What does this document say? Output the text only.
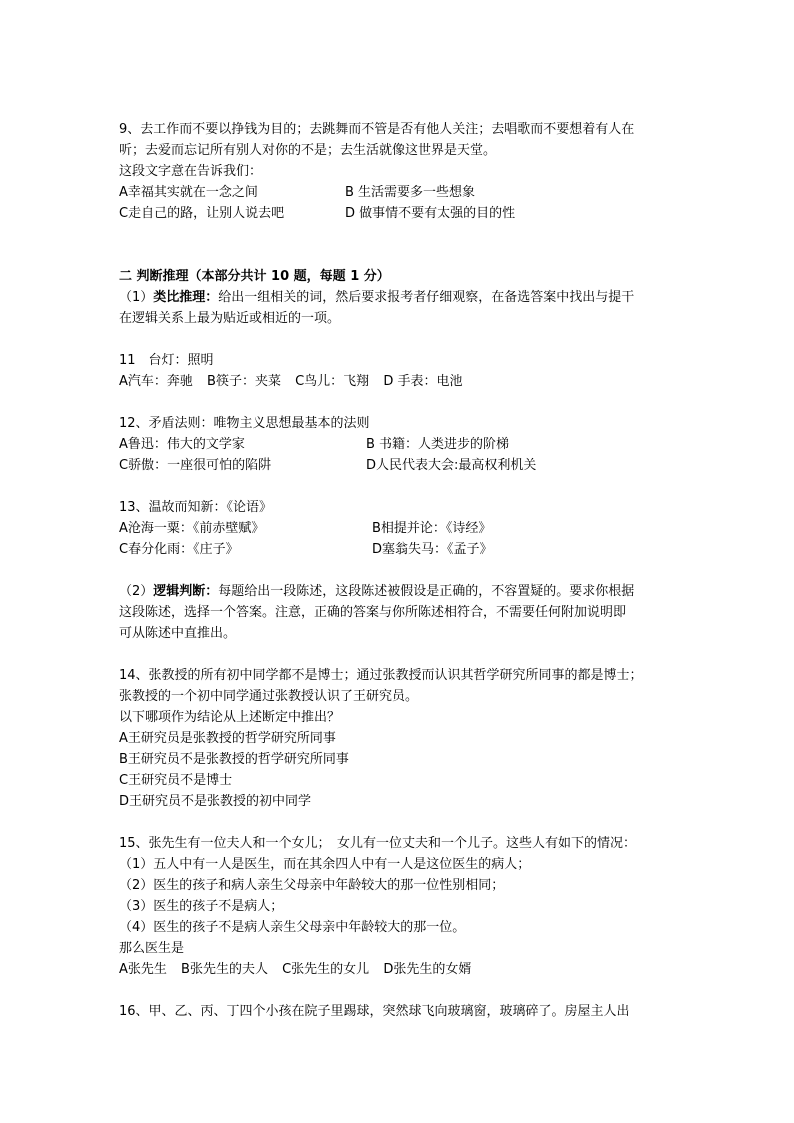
9、去工作而不要以挣钱为目的；去跳舞而不管是否有他人关注；去唱歌而不要想着有人在
听；去爱而忘记所有别人对你的不是；去生活就像这世界是天堂。
这段文字意在告诉我们：
A幸福其实就在一念之间	B 生活需要多一些想象
C走自己的路，让别人说去吧	D 做事情不要有太强的目的性
二 判断推理（本部分共计 10 题，每题 1 分）
（1）类比推理：给出一组相关的词，然后要求报考者仔细观察，在备选答案中找出与提干
在逻辑关系上最为贴近或相近的一项。
11　台灯：照明
A汽车：奔驰 B筷子：夹菜 C鸟儿：飞翔 D 手表：电池
12、矛盾法则：唯物主义思想最基本的法则
A鲁迅：伟大的文学家	B 书籍：人类进步的阶梯
C骄傲：一座很可怕的陷阱	D人民代表大会:最高权利机关
13、温故而知新：《论语》
A沧海一粟：《前赤壁赋》	B相提并论：《诗经》
C春分化雨：《庄子》	D塞翁失马：《孟子》
（2）逻辑判断：每题给出一段陈述，这段陈述被假设是正确的，不容置疑的。要求你根据
这段陈述，选择一个答案。注意，正确的答案与你所陈述相符合，不需要任何附加说明即
可从陈述中直推出。
14、张教授的所有初中同学都不是博士；通过张教授而认识其哲学研究所同事的都是博士；
张教授的一个初中同学通过张教授认识了王研究员。
以下哪项作为结论从上述断定中推出？
A王研究员是张教授的哲学研究所同事
B王研究员不是张教授的哲学研究所同事
C王研究员不是博士
D王研究员不是张教授的初中同学
15、张先生有一位夫人和一个女儿；　女儿有一位丈夫和一个儿子。这些人有如下的情况：
（1）五人中有一人是医生，而在其余四人中有一人是这位医生的病人；
（2）医生的孩子和病人亲生父母亲中年龄较大的那一位性别相同；
（3）医生的孩子不是病人；
（4）医生的孩子不是病人亲生父母亲中年龄较大的那一位。
那么医生是
A张先生 B张先生的夫人 C张先生的女儿 D张先生的女婿
16、甲、乙、丙、丁四个小孩在院子里踢球，突然球飞向玻璃窗，玻璃碎了。房屋主人出
